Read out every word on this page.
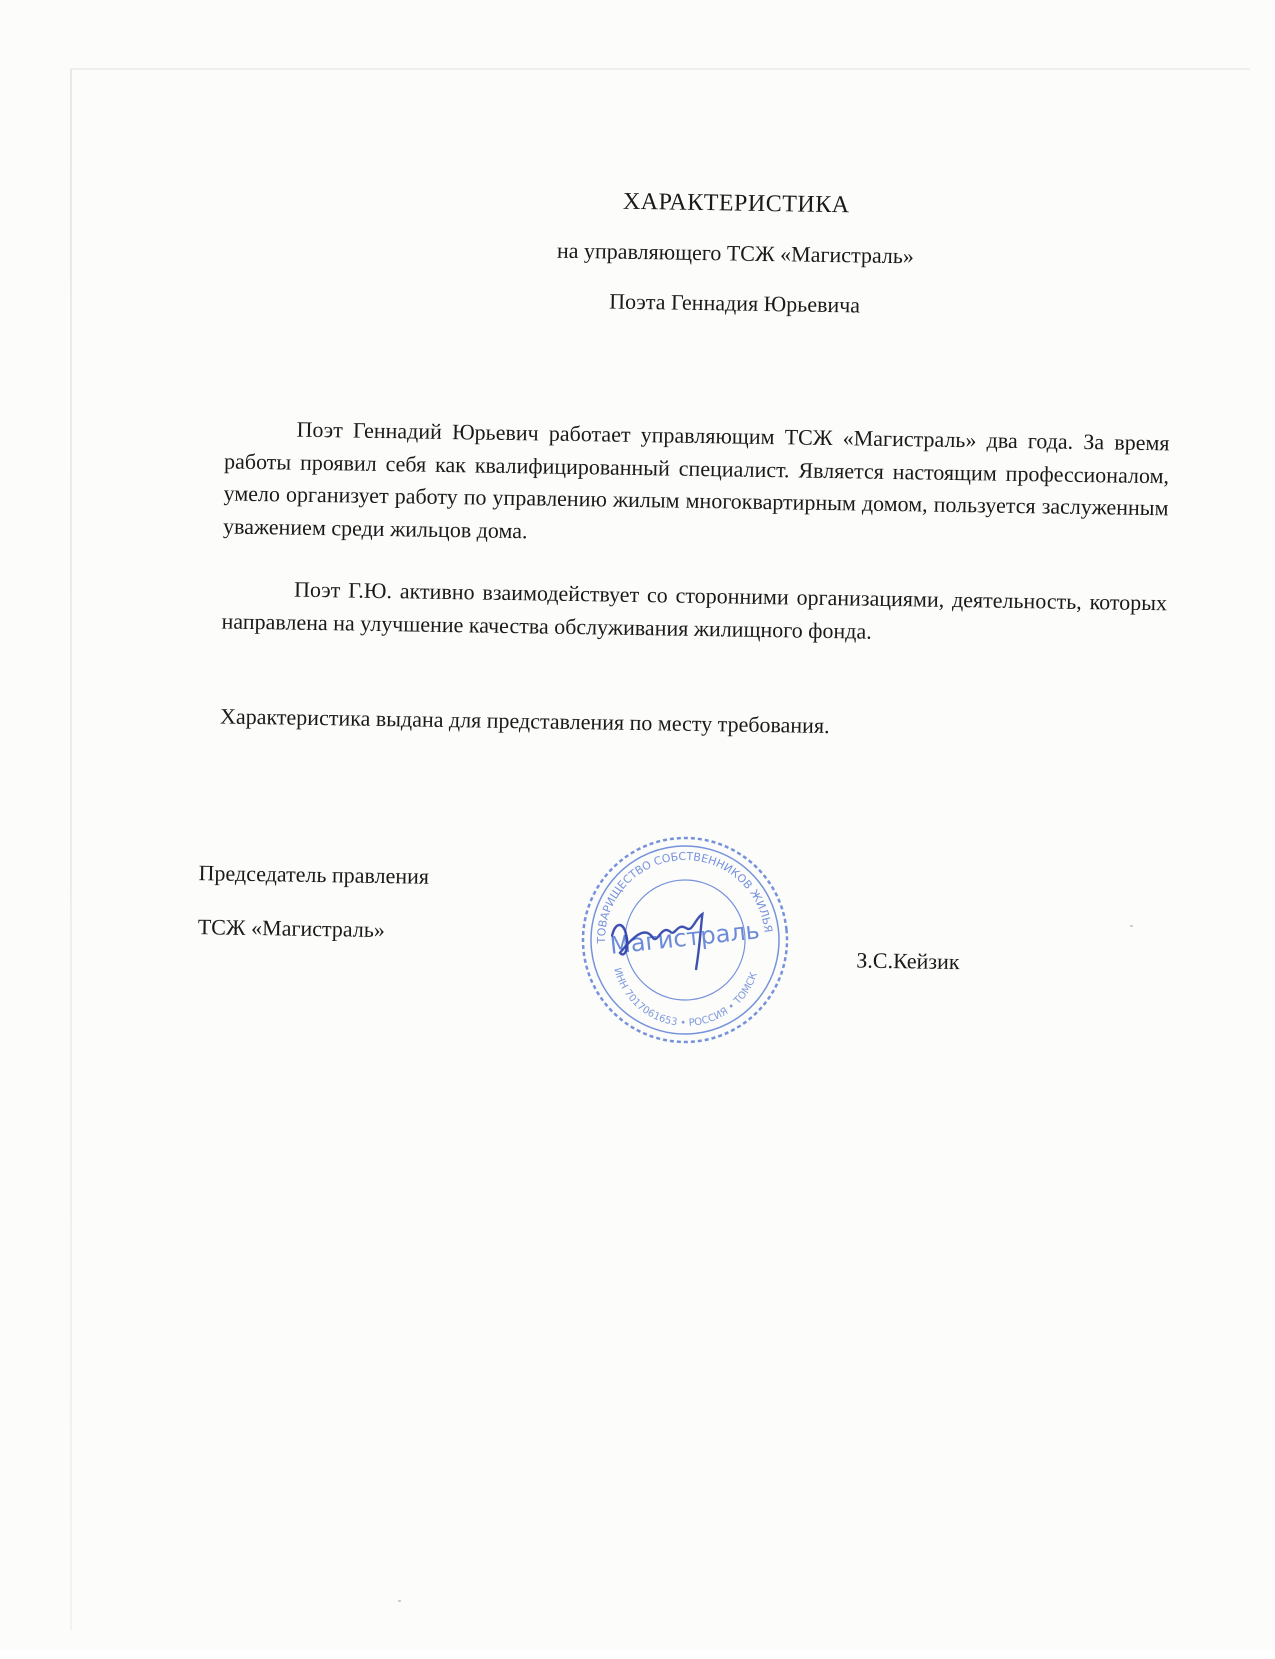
ХАРАКТЕРИСТИКА
на управляющего ТСЖ «Магистраль»
Поэта Геннадия Юрьевича
Поэт Геннадий Юрьевич работает управляющим ТСЖ «Магистраль» два года. За время работы проявил себя как квалифицированный специалист. Является настоящим профессионалом, умело организует работу по управлению жилым многоквартирным домом, пользуется заслуженным уважением среди жильцов дома.
Поэт Г.Ю. активно взаимодействует со сторонними организациями, деятельность, которых направлена на улучшение качества обслуживания жилищного фонда.
Характеристика выдана для представления по месту требования.
Председатель правления
ТСЖ «Магистраль»
З.С.Кейзик
ТОВАРИЩЕСТВО СОБСТВЕННИКОВ ЖИЛЬЯ
ИНН 7017061653 • РОССИЯ • ТОМСК
Магистраль
